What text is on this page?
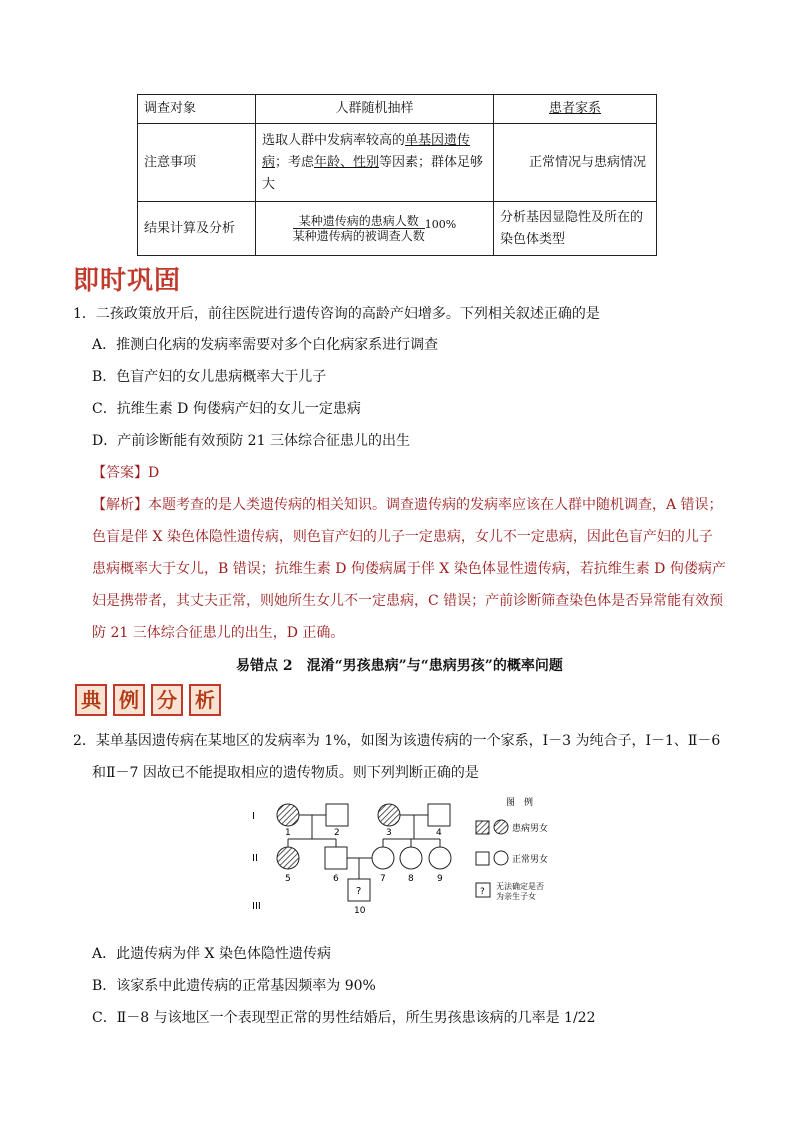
调查对象	人群随机抽样	患者家系
注意事项	选取人群中发病率较高的单基因遗传病；考虑年龄、性别等因素；群体足够大	正常情况与患病情况
结果计算及分析	$\frac{\text{某种遗传病的患病人数}}{\text{某种遗传病的被调查人数}} ^{100\%}$	分析基因显隐性及所在的染色体类型
即时巩固
1．二孩政策放开后，前往医院进行遗传咨询的高龄产妇增多。下列相关叙述正确的是
A．推测白化病的发病率需要对多个白化病家系进行调查
B．色盲产妇的女儿患病概率大于儿子
C．抗维生素 D 佝偻病产妇的女儿一定患病
D．产前诊断能有效预防 21 三体综合征患儿的出生
【答案】D
【解析】本题考查的是人类遗传病的相关知识。调查遗传病的发病率应该在人群中随机调查，A 错误；
色盲是伴 X 染色体隐性遗传病，则色盲产妇的儿子一定患病，女儿不一定患病，因此色盲产妇的儿子
患病概率大于女儿，B 错误；抗维生素 D 佝偻病属于伴 X 染色体显性遗传病，若抗维生素 D 佝偻病产
妇是携带者，其丈夫正常，则她所生女儿不一定患病，C 错误；产前诊断筛查染色体是否异常能有效预
防 21 三体综合征患儿的出生，D 正确。
易错点 2　混淆“男孩患病”与“患病男孩”的概率问题
典 例 分 析
2．某单基因遗传病在某地区的发病率为 1%，如图为该遗传病的一个家系，Ⅰ－3 为纯合子，Ⅰ－1、Ⅱ－6
和Ⅱ－7 因故已不能提取相应的遗传物质。则下列判断正确的是
I
II
III
1	2	3	4
5	6	7 8	9
?
10
图　例
患病男女
正常男女
?
无法确定是否
为亲生子女
A．此遗传病为伴 X 染色体隐性遗传病
B．该家系中此遗传病的正常基因频率为 90%
C．Ⅱ－8 与该地区一个表现型正常的男性结婚后，所生男孩患该病的几率是 1/22
